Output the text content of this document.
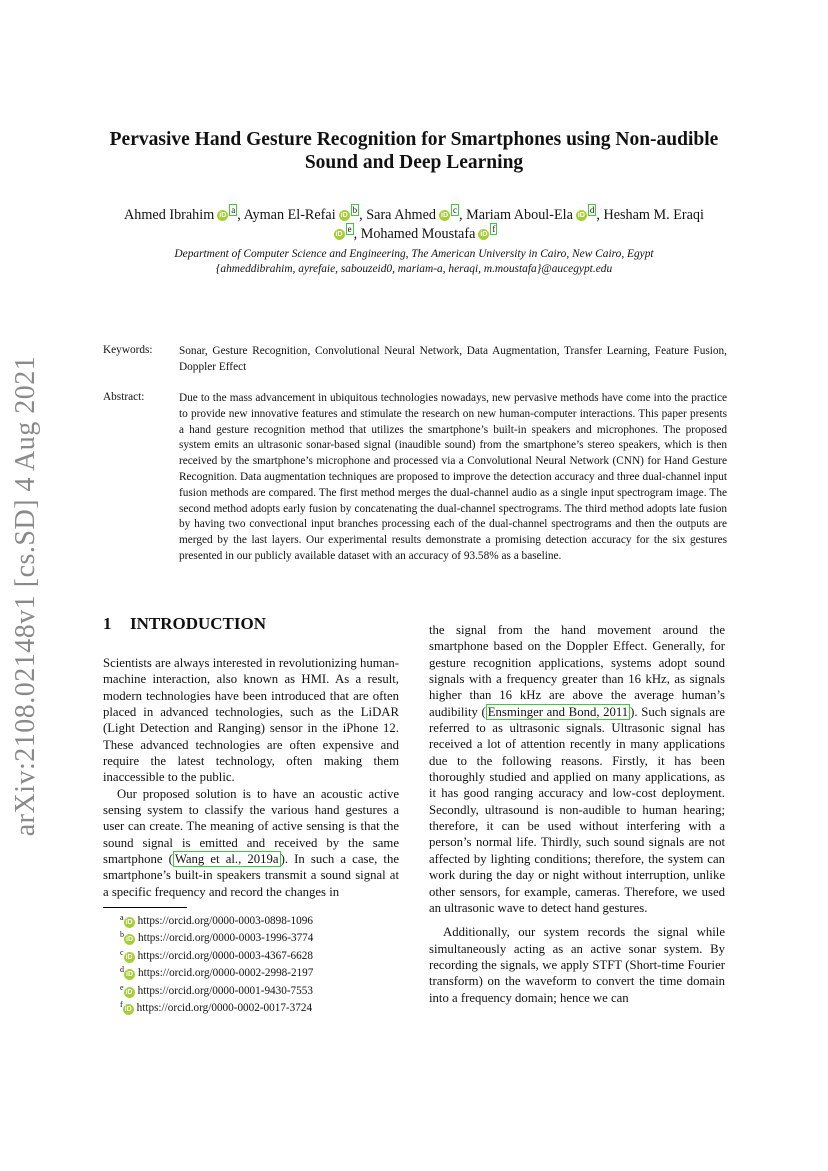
arXiv:2108.02148v1 [cs.SD] 4 Aug 2021
Pervasive Hand Gesture Recognition for Smartphones using Non-audible
Sound and Deep Learning
Ahmed Ibrahim $iD^a$ , Ayman El-Refai $iD^b$ , Sara Ahmed $iD^c$ , Mariam Aboul-Ela $iD^d$ , Hesham M. Eraqi
$iD^e$ , Mohamed Moustafa $iD^f$
Department of Computer Science and Engineering, The American University in Cairo, New Cairo, Egypt
{ahmeddibrahim, ayrefaie, sabouzeid0, mariam-a, heraqi, m.moustafa}@aucegypt.edu
Keywords: Sonar, Gesture Recognition, Convolutional Neural Network, Data Augmentation, Transfer Learning, Feature Fusion, Doppler Effect
Abstract:	Due to the mass advancement in ubiquitous technologies nowadays, new pervasive methods have come into the practice to provide new innovative features and stimulate the research on new human-computer interactions. This paper presents a hand gesture recognition method that utilizes the smartphone’s built-in speakers and microphones. The proposed system emits an ultrasonic sonar-based signal (inaudible sound) from the smartphone’s stereo speakers, which is then received by the smartphone’s microphone and processed via a Convolutional Neural Network (CNN) for Hand Gesture Recognition. Data augmentation techniques are proposed to improve the detection accuracy and three dual-channel input fusion methods are compared. The first method merges the dual-channel audio as a single input spectrogram image. The second method adopts early fusion by concatenating the dual-channel spectrograms. The third method adopts late fusion by having two convectional input branches processing each of the dual-channel spectrograms and then the outputs are merged by the last layers. Our experimental results demonstrate a promising detection accuracy for the six gestures presented in our publicly available dataset with an accuracy of 93.58% as a baseline.
1 INTRODUCTION

Scientists are always interested in revolutionizing human-machine interaction, also known as HMI. As a result, modern technologies have been introduced that are often placed in advanced technologies, such as the LiDAR (Light Detection and Ranging) sensor in the iPhone 12. These advanced technologies are often expensive and require the latest technology, often making them inaccessible to the public.

Our proposed solution is to have an acoustic active sensing system to classify the various hand gestures a user can create. The meaning of active sensing is that the sound signal is emitted and received by the same smartphone ( Wang et al., 2019a ). In such a case, the smartphone’s built-in speakers transmit a sound signal at a specific frequency and record the changes in

the signal from the hand movement around the smartphone based on the Doppler Effect. Generally, for gesture recognition applications, systems adopt sound signals with a frequency greater than 16 kHz, as signals higher than 16 kHz are above the average human’s audibility ( Ensminger and Bond, 2011 ). Such signals are referred to as ultrasonic signals. Ultrasonic signal has received a lot of attention recently in many applications due to the following reasons. Firstly, it has been thoroughly studied and applied on many applications, as it has good ranging accuracy and low-cost deployment. Secondly, ultrasound is non-audible to human hearing; therefore, it can be used without interfering with a person’s normal life. Thirdly, such sound signals are not affected by lighting conditions; therefore, the system can work during the day or night without interruption, unlike other sensors, for example, cameras. Therefore, we used an ultrasonic wave to detect hand gestures.

Additionally, our system records the signal while simultaneously acting as an active sonar system. By recording the signals, we apply STFT (Short-time Fourier transform) on the waveform to convert the time domain into a frequency domain; hence we can

$^a$iD https://orcid.org/0000-0003-0898-1096
$^b$iD https://orcid.org/0000-0003-1996-3774
$^c$iD https://orcid.org/0000-0003-4367-6628
$^d$iD https://orcid.org/0000-0002-2998-2197
$^e$iD https://orcid.org/0000-0001-9430-7553
$^f$iD https://orcid.org/0000-0002-0017-3724
